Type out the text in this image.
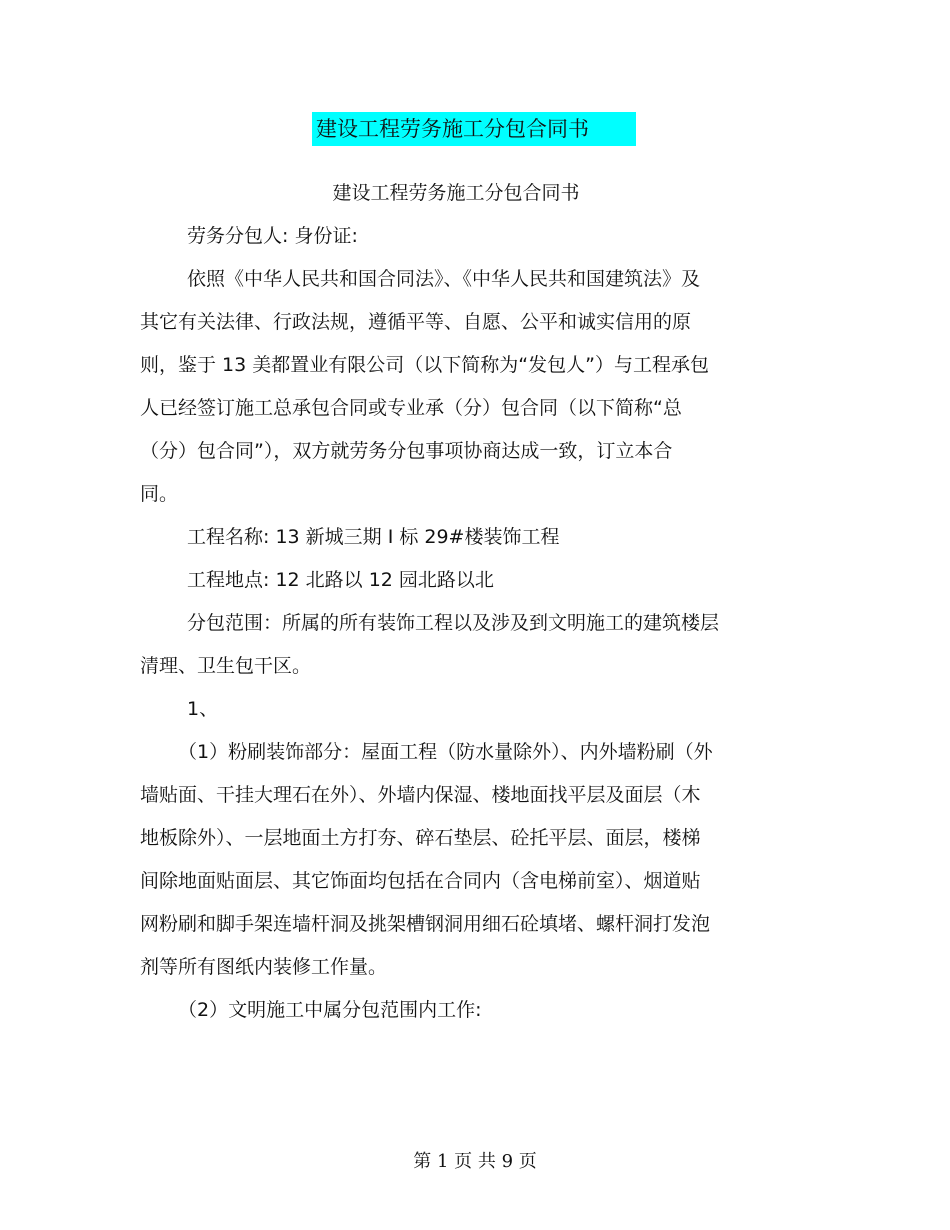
建设工程劳务施工分包合同书
建设工程劳务施工分包合同书
劳务分包人: 身份证:
依照《中华人民共和国合同法》、《中华人民共和国建筑法》及
其它有关法律、行政法规，遵循平等、自愿、公平和诚实信用的原
则，鉴于 13 美都置业有限公司（以下简称为“发包人”）与工程承包
人已经签订施工总承包合同或专业承（分）包合同（以下简称“总
（分）包合同”），双方就劳务分包事项协商达成一致，订立本合
同。
工程名称: 13 新城三期 I 标 29#楼装饰工程
工程地点: 12 北路以 12 园北路以北
分包范围：所属的所有装饰工程以及涉及到文明施工的建筑楼层
清理、卫生包干区。
1、
（1）粉刷装饰部分：屋面工程（防水量除外）、内外墙粉刷（外
墙贴面、干挂大理石在外）、外墙内保湿、楼地面找平层及面层（木
地板除外）、一层地面土方打夯、碎石垫层、砼托平层、面层，楼梯
间除地面贴面层、其它饰面均包括在合同内（含电梯前室）、烟道贴
网粉刷和脚手架连墙杆洞及挑架槽钢洞用细石砼填堵、螺杆洞打发泡
剂等所有图纸内装修工作量。
（2）文明施工中属分包范围内工作:
第 1 页 共 9 页
